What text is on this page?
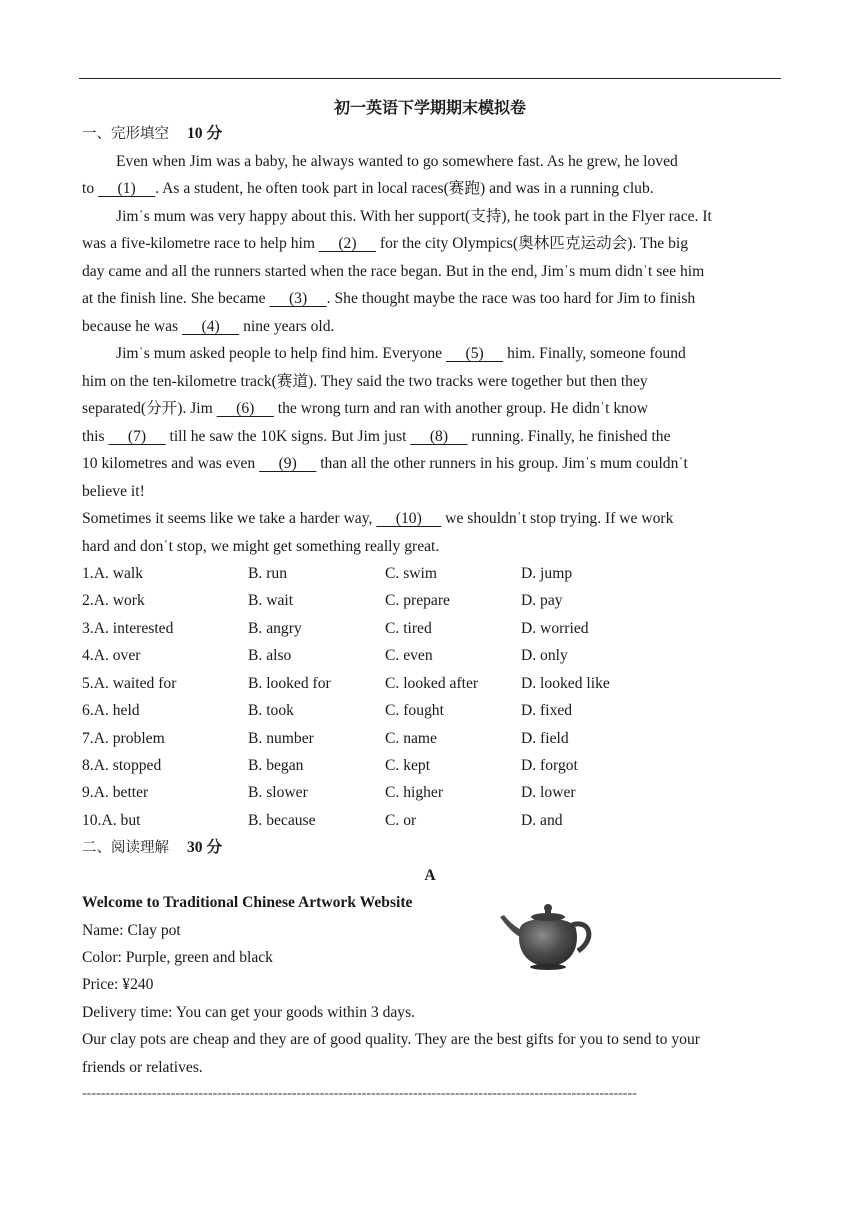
初一英语下学期期末模拟卷
一、完形填空 10 分
Even when Jim was a baby, he always wanted to go somewhere fast. As he grew, he loved
to      (1)     . As a student, he often took part in local races(赛跑) and was in a running club.
Jimˈs mum was very happy about this. With her support(支持), he took part in the Flyer race. It
was a five-kilometre race to help him      (2)      for the city Olympics(奥林匹克运动会). The big
day came and all the runners started when the race began. But in the end, Jimˈs mum didnˈt see him
at the finish line. She became      (3)     . She thought maybe the race was too hard for Jim to finish
because he was      (4)      nine years old.
Jimˈs mum asked people to help find him. Everyone      (5)      him. Finally, someone found
him on the ten-kilometre track(赛道). They said the two tracks were together but then they
separated(分开). Jim      (6)      the wrong turn and ran with another group. He didnˈt know
this      (7)      till he saw the 10K signs. But Jim just      (8)      running. Finally, he finished the
10 kilometres and was even      (9)      than all the other runners in his group. Jimˈs mum couldnˈt
believe it!
Sometimes it seems like we take a harder way,      (10)      we shouldnˈt stop trying. If we work
hard and donˈt stop, we might get something really great.
1.A. walk	B. run	C. swim	D. jump
2.A. work	B. wait	C. prepare	D. pay
3.A. interested	B. angry	C. tired	D. worried
4.A. over	B. also	C. even	D. only
5.A. waited for	B. looked for	C. looked after	D. looked like
6.A. held	B. took	C. fought	D. fixed
7.A. problem	B. number	C. name	D. field
8.A. stopped	B. began	C. kept	D. forgot
9.A. better	B. slower	C. higher	D. lower
10.A. but	B. because	C. or	D. and
二、阅读理解 30 分
A
Welcome to Traditional Chinese Artwork Website
Name: Clay pot
Color: Purple, green and black
Price: ¥240
Delivery time: You can get your goods within 3 days.
Our clay pots are cheap and they are of good quality. They are the best gifts for you to send to your
friends or relatives.
-----------------------------------------------------------------------------------------------------------------------
